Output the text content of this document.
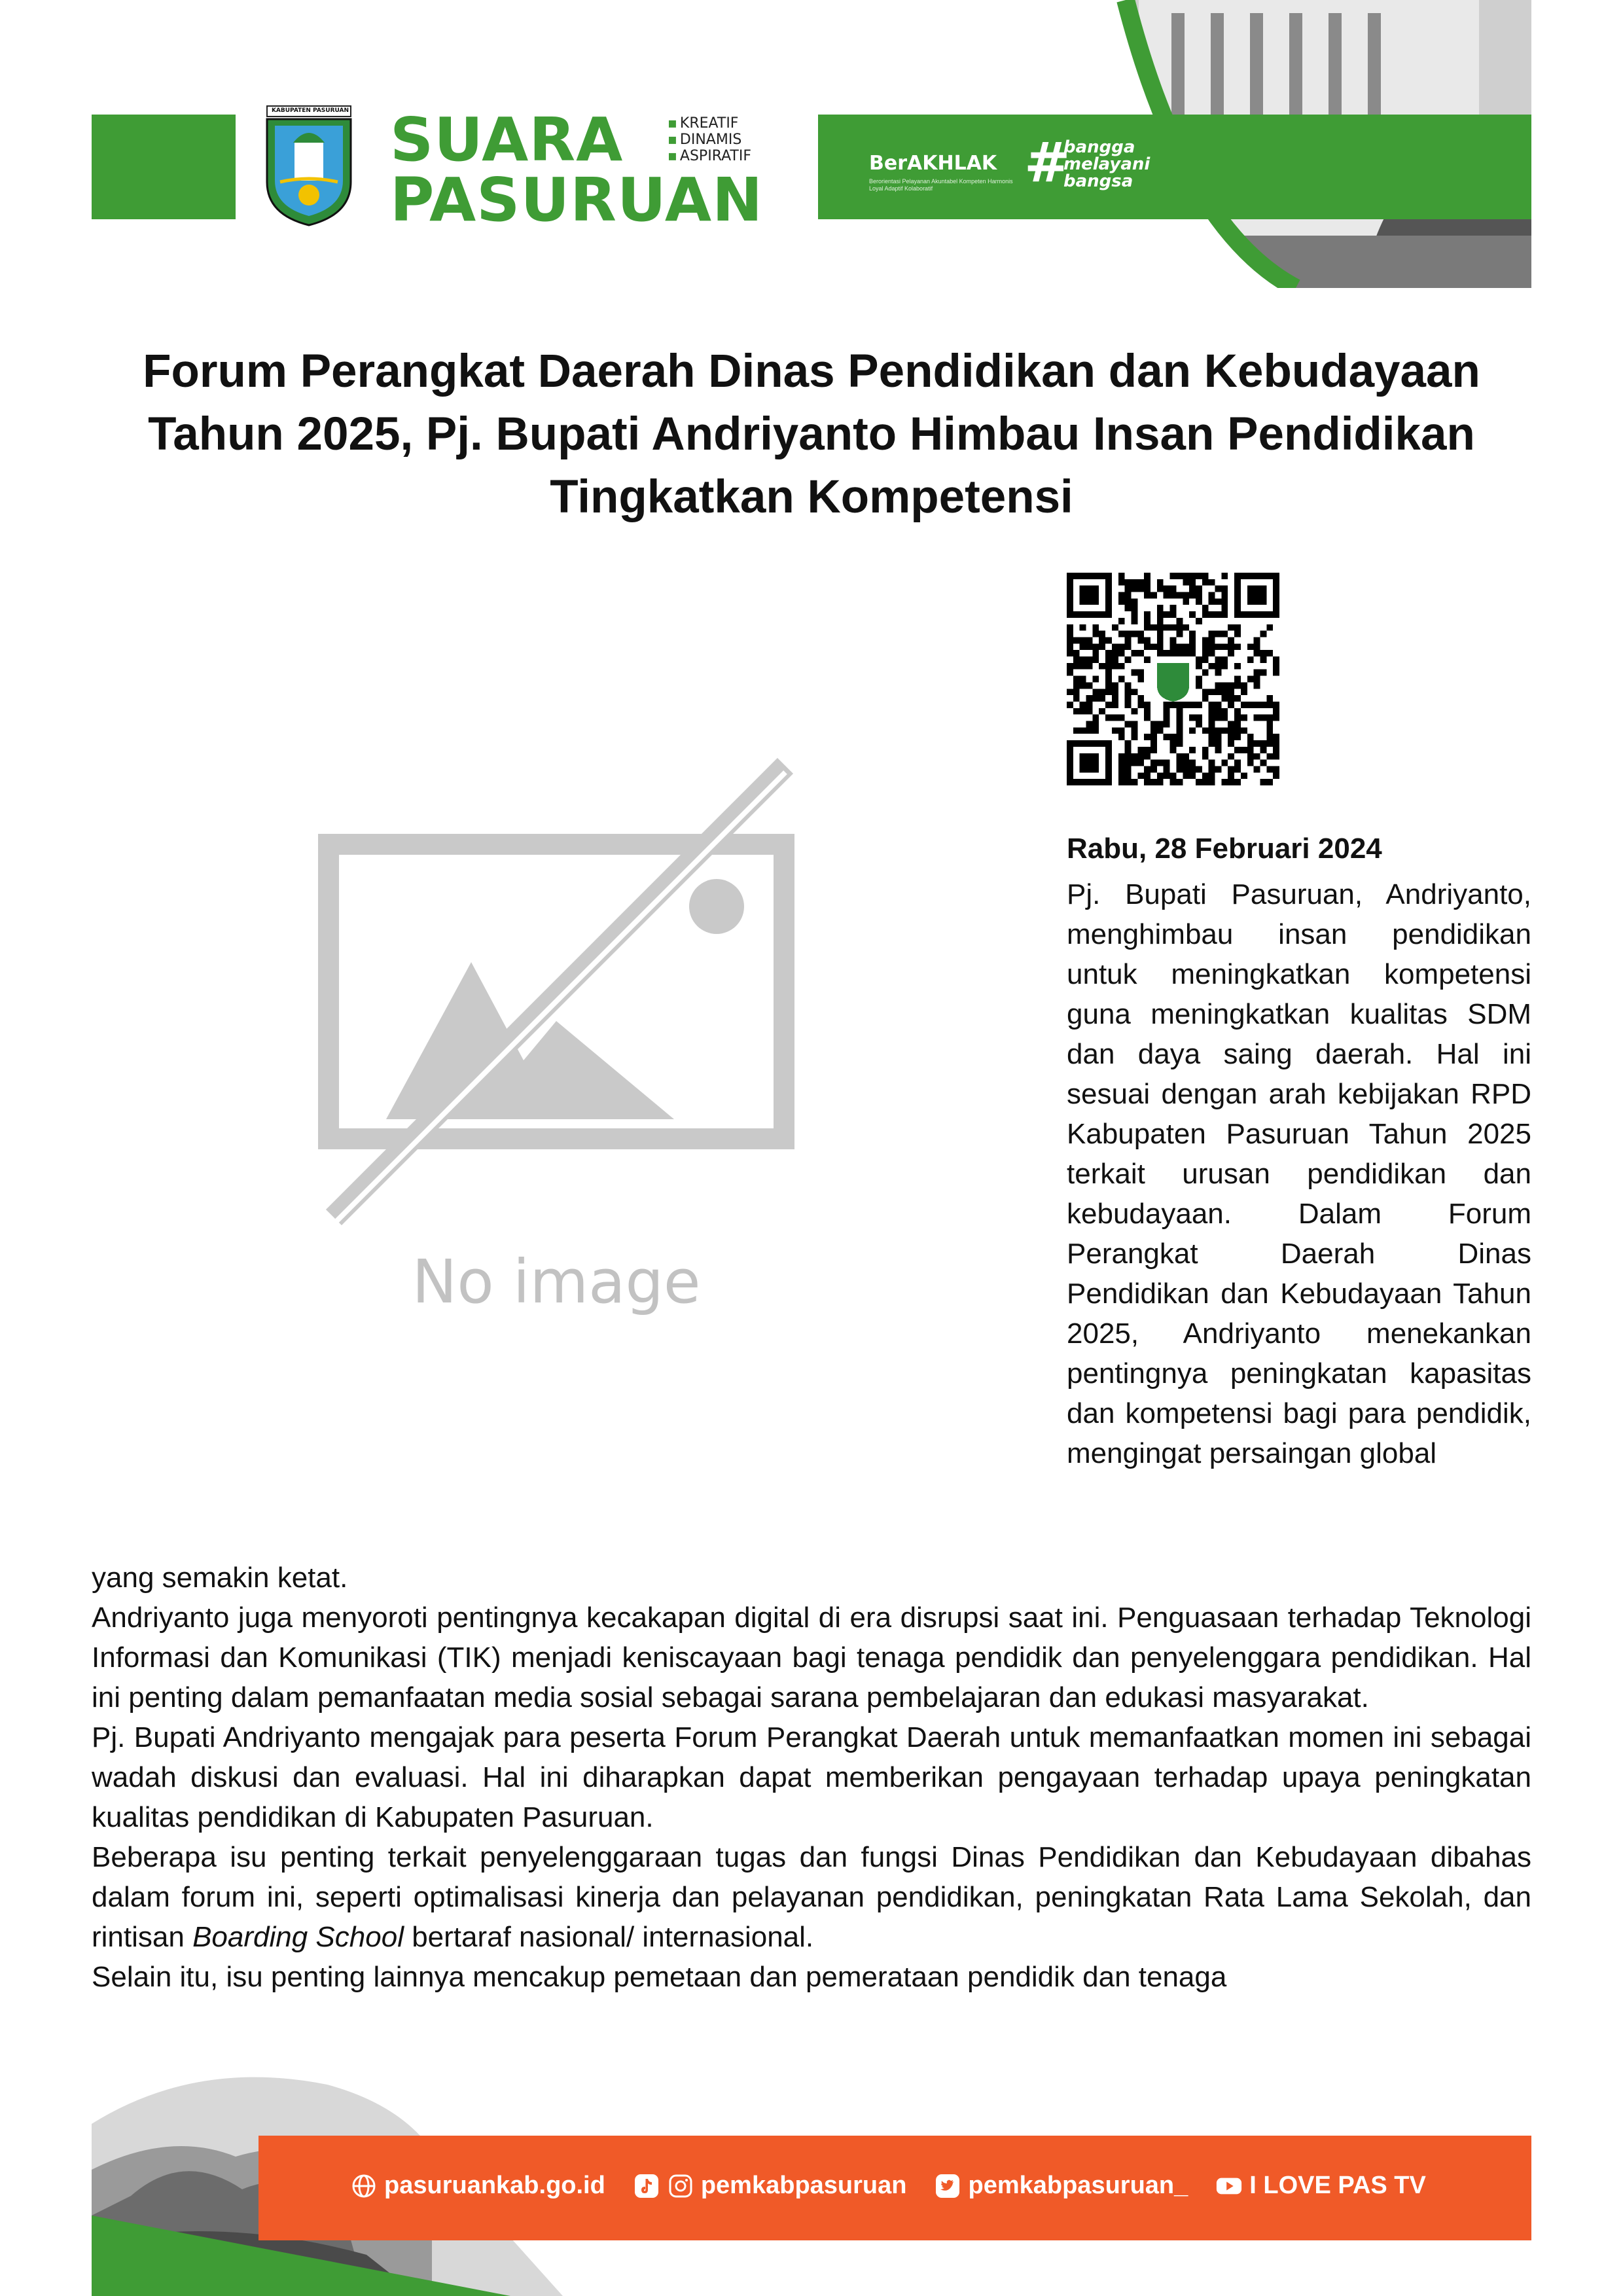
KABUPATEN PASURUAN SUARA
PASURUAN
▪ KREATIF
▪ DINAMIS
▪ ASPIRATIF	BerAKHLAK
Berorientasi Pelayanan Akuntabel Kompeten Harmonis Loyal Adaptif Kolaboratif	#
bangga
melayani
bangsa
Forum Perangkat Daerah Dinas Pendidikan dan Kebudayaan Tahun 2025, Pj. Bupati Andriyanto Himbau Insan Pendidikan Tingkatkan Kompetensi
No image
Rabu, 28 Februari 2024
Pj. Bupati Pasuruan, Andriyanto, menghimbau insan pendidikan untuk meningkatkan kompetensi guna meningkatkan kualitas SDM dan daya saing daerah. Hal ini sesuai dengan arah kebijakan RPD Kabupaten Pasuruan Tahun 2025 terkait urusan pendidikan dan kebudayaan. Dalam Forum Perangkat Daerah Dinas Pendidikan dan Kebudayaan Tahun 2025, Andriyanto menekankan pentingnya peningkatan kapasitas dan kompetensi bagi para pendidik, mengingat persaingan global

yang semakin ketat.

Andriyanto juga menyoroti pentingnya kecakapan digital di era disrupsi saat ini. Penguasaan terhadap Teknologi Informasi dan Komunikasi (TIK) menjadi keniscayaan bagi tenaga pendidik dan penyelenggara pendidikan. Hal ini penting dalam pemanfaatan media sosial sebagai sarana pembelajaran dan edukasi masyarakat.

Pj. Bupati Andriyanto mengajak para peserta Forum Perangkat Daerah untuk memanfaatkan momen ini sebagai wadah diskusi dan evaluasi. Hal ini diharapkan dapat memberikan pengayaan terhadap upaya peningkatan kualitas pendidikan di Kabupaten Pasuruan.

Beberapa isu penting terkait penyelenggaraan tugas dan fungsi Dinas Pendidikan dan Kebudayaan dibahas dalam forum ini, seperti optimalisasi kinerja dan pelayanan pendidikan, peningkatan Rata Lama Sekolah, dan rintisan Boarding School bertaraf nasional/ internasional.

Selain itu, isu penting lainnya mencakup pemetaan dan pemerataan pendidik dan tenaga

pasuruankab.go.id	pemkabpasuruan pemkabpasuruan_ I LOVE PAS TV
